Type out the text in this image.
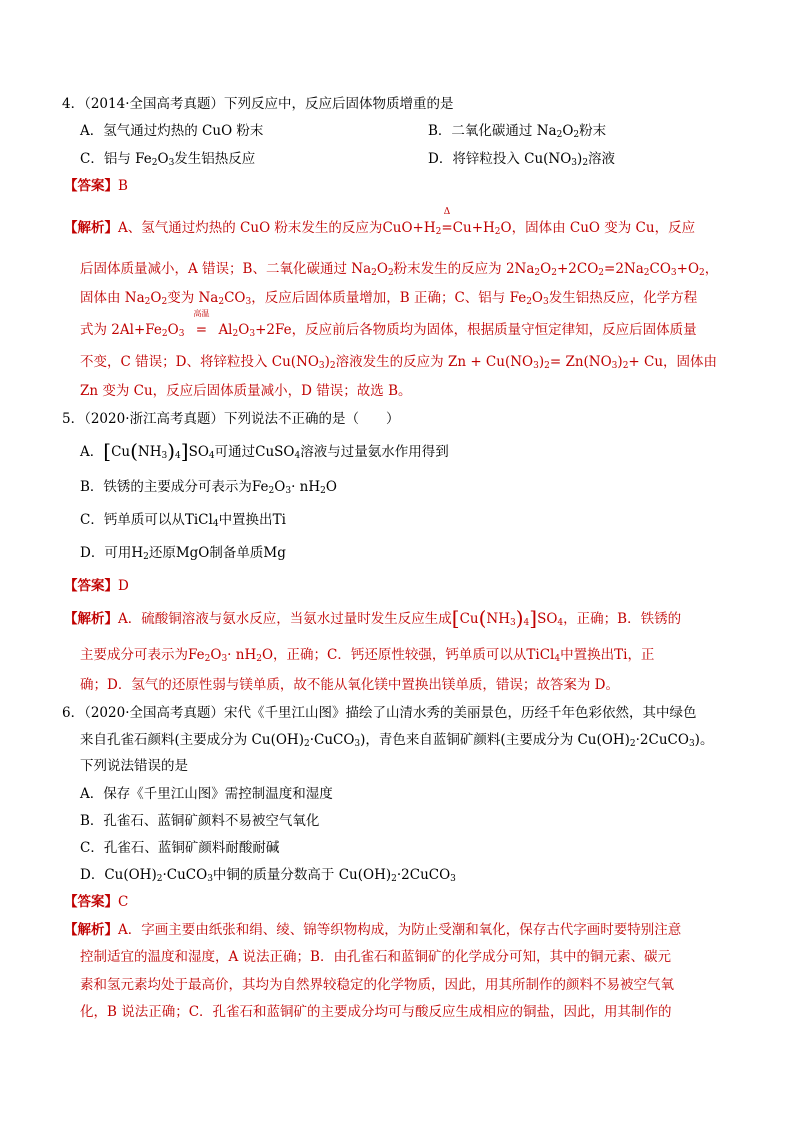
4．（2014·全国高考真题）下列反应中，反应后固体物质增重的是
A．氢气通过灼热的 CuO 粉末	B．二氧化碳通过 $Na_2O_2$粉末
C．铝与 $Fe_2O_3$发生铝热反应	D．将锌粒投入 $Cu(NO_3)_2$溶液
【答案】B
【解析】A、氢气通过灼热的 CuO 粉末发生的反应为$CuO+H_2$
Δ
$=Cu+H_2O$，固体由 CuO 变为 Cu，反应
后固体质量减小，A 错误；B、二氧化碳通过 $Na_2O_2$粉末发生的反应为 $2Na_2O_2+2CO_2=2Na_2CO_3+O_2$，
固体由 $Na_2O_2$变为 $Na_2CO_3$，反应后固体质量增加，B 正确；C、铝与 $Fe_2O_3$发生铝热反应，化学方程
式为 $2Al+Fe_2O_3$
高温
= $Al_2O_3+2Fe$，反应前后各物质均为固体，根据质量守恒定律知，反应后固体质量
不变，C 错误；D、将锌粒投入 $Cu(NO_3)_2$溶液发生的反应为 $Zn + Cu(NO_3)_2= Zn(NO_3)_2+ Cu$，固体由
Zn 变为 Cu，反应后固体质量减小，D 错误；故选 B。
5．（2020·浙江高考真题）下列说法不正确的是（　　）
A．$[Cu(NH_3)_4]SO_4$可通过CuSO$_4$溶液与过量氨水作用得到
B．铁锈的主要成分可表示为$Fe_2O_3\cdot nH_2O$
C．钙单质可以从TiCl$_4$中置换出Ti
D．可用$H_2$还原MgO制备单质Mg
【答案】D
【解析】A．硫酸铜溶液与氨水反应，当氨水过量时发生反应生成$[Cu(NH_3)_4]SO_4$，正确；B．铁锈的
主要成分可表示为$Fe_2O_3\cdot nH_2O$，正确；C．钙还原性较强，钙单质可以从TiCl$_4$中置换出Ti，正
确；D．氢气的还原性弱与镁单质，故不能从氧化镁中置换出镁单质，错误；故答案为 D。
6．（2020·全国高考真题）宋代《千里江山图》描绘了山清水秀的美丽景色，历经千年色彩依然，其中绿色
来自孔雀石颜料(主要成分为 $Cu(OH)_2\cdot CuCO_3$)，青色来自蓝铜矿颜料(主要成分为 $Cu(OH)_2\cdot 2CuCO_3$)。
下列说法错误的是
A．保存《千里江山图》需控制温度和湿度
B．孔雀石、蓝铜矿颜料不易被空气氧化
C．孔雀石、蓝铜矿颜料耐酸耐碱
D．$Cu(OH)_2\cdot CuCO_3$中铜的质量分数高于 $Cu(OH)_2\cdot 2CuCO_3$
【答案】C
【解析】A．字画主要由纸张和绢、绫、锦等织物构成，为防止受潮和氧化，保存古代字画时要特别注意
控制适宜的温度和湿度，A 说法正确；B．由孔雀石和蓝铜矿的化学成分可知，其中的铜元素、碳元
素和氢元素均处于最高价，其均为自然界较稳定的化学物质，因此，用其所制作的颜料不易被空气氧
化，B 说法正确；C．孔雀石和蓝铜矿的主要成分均可与酸反应生成相应的铜盐，因此，用其制作的
